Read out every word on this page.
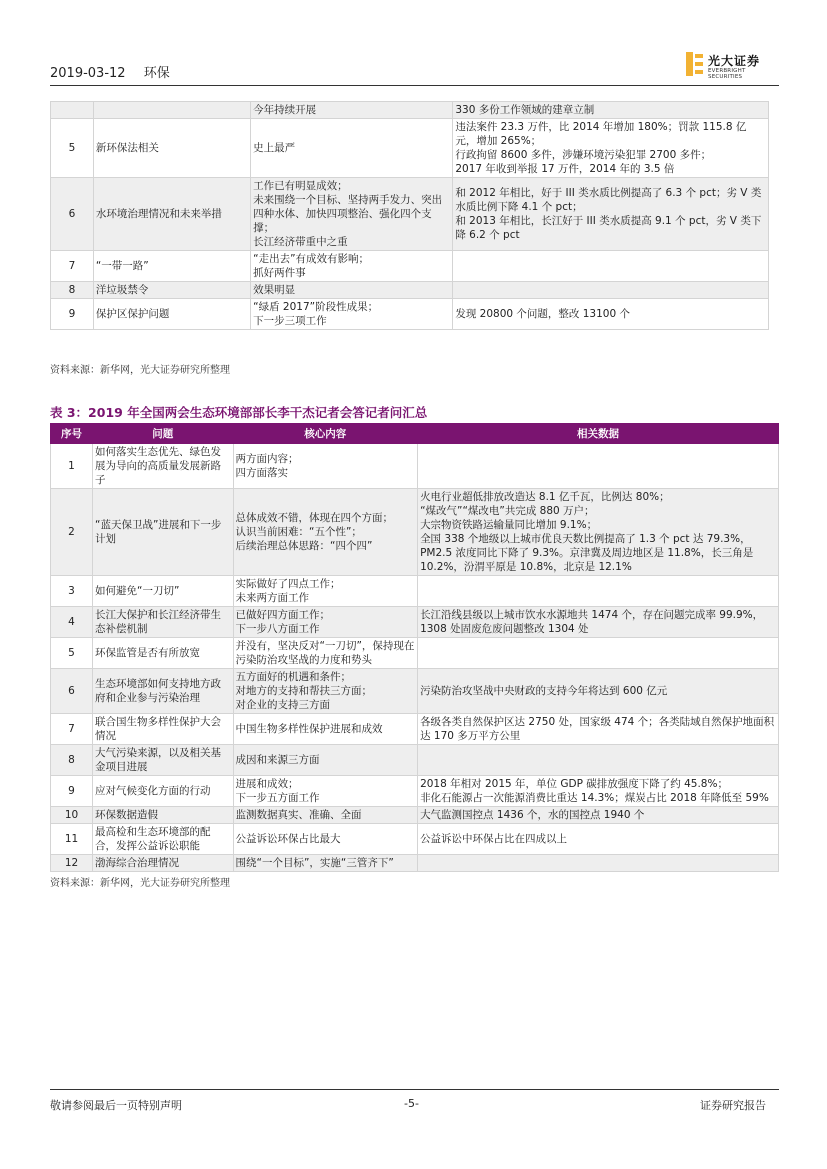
2019-03-12 环保
光大证券
EVERBRIGHT SECURITIES
		今年持续开展	330 多份工作领域的建章立制
5	新环保法相关	史上最严	违法案件 23.3 万件，比 2014 年增加 180%；罚款 115.8 亿元，增加 265%；
行政拘留 8600 多件，涉嫌环境污染犯罪 2700 多件；
2017 年收到举报 17 万件，2014 年的 3.5 倍
6	水环境治理情况和未来举措	工作已有明显成效；
未来围绕一个目标、坚持两手发力、突出四种水体、加快四项整治、强化四个支撑；
长江经济带重中之重	和 2012 年相比，好于 III 类水质比例提高了 6.3 个 pct；劣 V 类水质比例下降 4.1 个 pct；
和 2013 年相比，长江好于 III 类水质提高 9.1 个 pct，劣 V 类下降 6.2 个 pct
7	“一带一路”	“走出去”有成效有影响；
抓好两件事	
8	洋垃圾禁令	效果明显	
9	保护区保护问题	“绿盾 2017”阶段性成果；
下一步三项工作	发现 20800 个问题，整改 13100 个
资料来源：新华网，光大证券研究所整理
表 3：2019 年全国两会生态环境部部长李干杰记者会答记者问汇总
序号	问题	核心内容	相关数据
1	如何落实生态优先、绿色发展为导向的高质量发展新路子	两方面内容；
四方面落实	
2	“蓝天保卫战”进展和下一步计划	总体成效不错，体现在四个方面；
认识当前困难：“五个性”；
后续治理总体思路：“四个四”	火电行业超低排放改造达 8.1 亿千瓦，比例达 80%；
“煤改气”“煤改电”共完成 880 万户；
大宗物资铁路运输量同比增加 9.1%；
全国 338 个地级以上城市优良天数比例提高了 1.3 个 pct 达 79.3%，PM2.5 浓度同比下降了 9.3%。京津冀及周边地区是 11.8%，长三角是 10.2%，汾渭平原是 10.8%，北京是 12.1%
3	如何避免“一刀切”	实际做好了四点工作；
未来两方面工作	
4	长江大保护和长江经济带生态补偿机制	已做好四方面工作；
下一步八方面工作	长江沿线县级以上城市饮水水源地共 1474 个，存在问题完成率 99.9%，1308 处固废危废问题整改 1304 处
5	环保监管是否有所放宽	并没有，坚决反对“一刀切”，保持现在污染防治攻坚战的力度和势头	
6	生态环境部如何支持地方政府和企业参与污染治理	五方面好的机遇和条件；
对地方的支持和帮扶三方面；
对企业的支持三方面	污染防治攻坚战中央财政的支持今年将达到 600 亿元
7	联合国生物多样性保护大会情况	中国生物多样性保护进展和成效	各级各类自然保护区达 2750 处，国家级 474 个；各类陆域自然保护地面积达 170 多万平方公里
8	大气污染来源，以及相关基金项目进展	成因和来源三方面	
9	应对气候变化方面的行动	进展和成效；
下一步五方面工作	2018 年相对 2015 年，单位 GDP 碳排放强度下降了约 45.8%；
非化石能源占一次能源消费比重达 14.3%；煤炭占比 2018 年降低至 59%
10	环保数据造假	监测数据真实、准确、全面	大气监测国控点 1436 个，水的国控点 1940 个
11	最高检和生态环境部的配合，发挥公益诉讼职能	公益诉讼环保占比最大	公益诉讼中环保占比在四成以上
12	渤海综合治理情况	围绕“一个目标”，实施“三管齐下”	
资料来源：新华网，光大证券研究所整理
敬请参阅最后一页特别声明	-5-	证券研究报告
